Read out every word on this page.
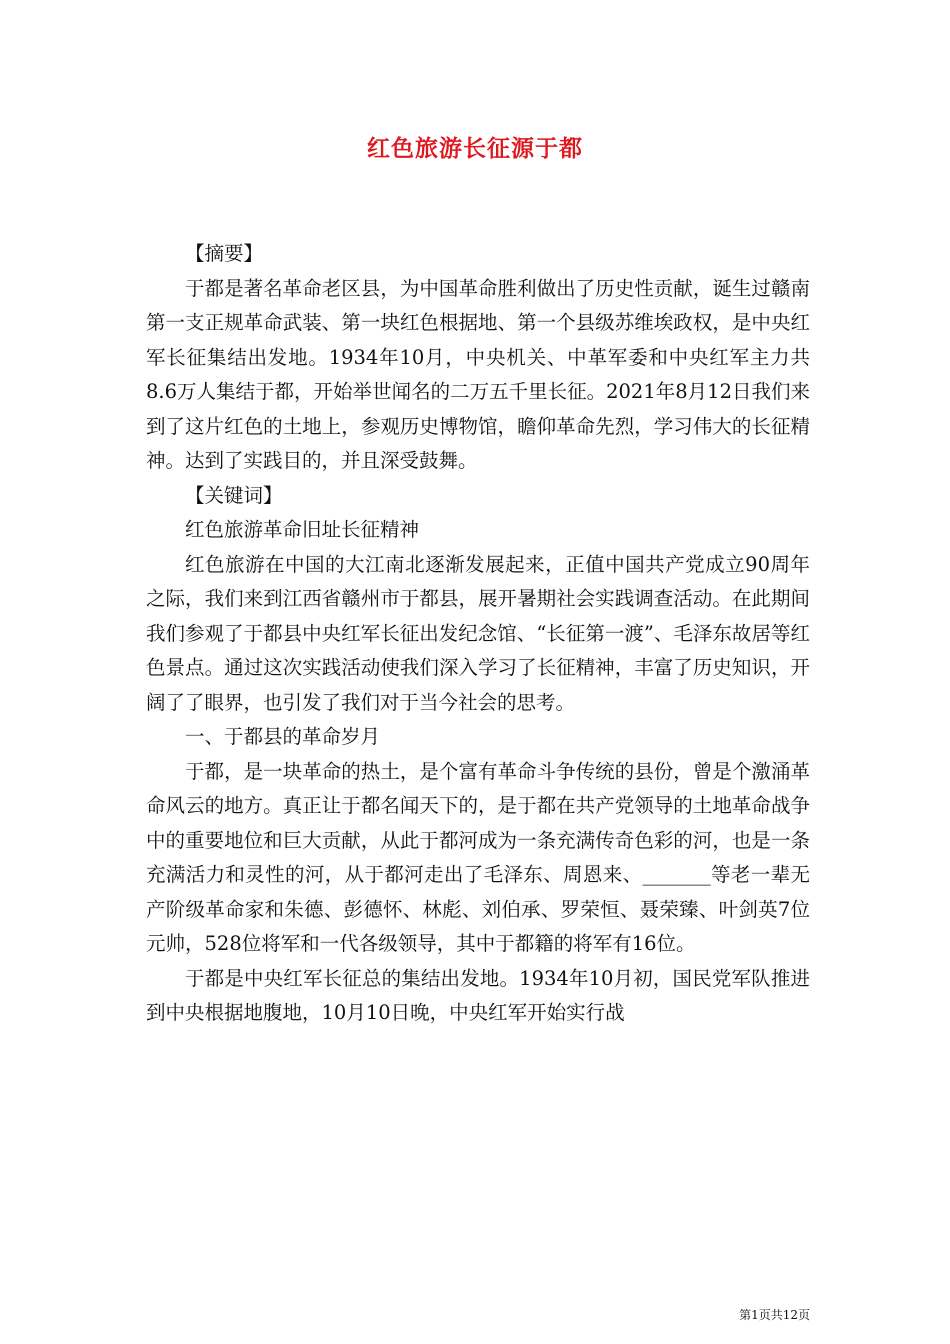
红色旅游长征源于都

【摘要】

于都是著名革命老区县，为中国革命胜利做出了历史性贡献，诞生过赣南第一支正规革命武装、第一块红色根据地、第一个县级苏维埃政权，是中央红军长征集结出发地。1934年10月，中央机关、中革军委和中央红军主力共8.6万人集结于都，开始举世闻名的二万五千里长征。2021年8月12日我们来到了这片红色的土地上，参观历史博物馆，瞻仰革命先烈，学习伟大的长征精神。达到了实践目的，并且深受鼓舞。

【关键词】

红色旅游革命旧址长征精神

红色旅游在中国的大江南北逐渐发展起来，正值中国共产党成立90周年之际，我们来到江西省赣州市于都县，展开暑期社会实践调查活动。在此期间我们参观了于都县中央红军长征出发纪念馆、“长征第一渡”、毛泽东故居等红色景点。通过这次实践活动使我们深入学习了长征精神，丰富了历史知识，开阔了了眼界，也引发了我们对于当今社会的思考。

一、于都县的革命岁月

于都，是一块革命的热土，是个富有革命斗争传统的县份，曾是个激涌革命风云的地方。真正让于都名闻天下的，是于都在共产党领导的土地革命战争中的重要地位和巨大贡献，从此于都河成为一条充满传奇色彩的河，也是一条充满活力和灵性的河，从于都河走出了毛泽东、周恩来、_______等老一辈无产阶级革命家和朱德、彭德怀、林彪、刘伯承、罗荣恒、聂荣臻、叶剑英7位元帅，528位将军和一代各级领导，其中于都籍的将军有16位。

于都是中央红军长征总的集结出发地。1934年10月初，国民党军队推进到中央根据地腹地，10月10日晚，中央红军开始实行战

第1页共12页
